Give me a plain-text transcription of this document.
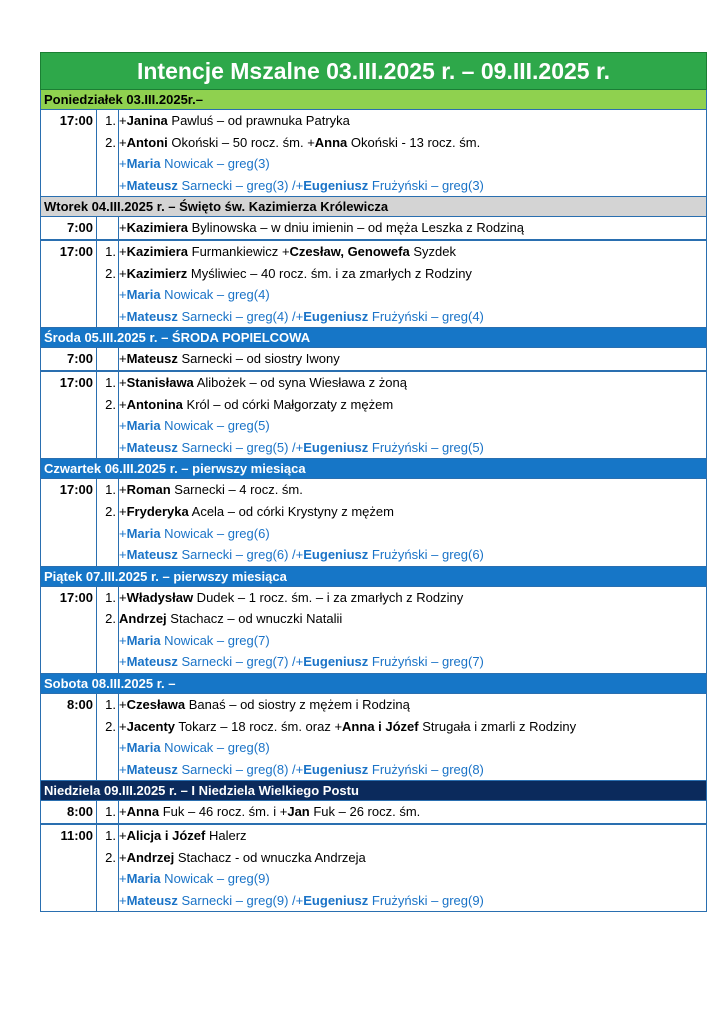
Intencje Mszalne 03.III.2025 r. – 09.III.2025 r.
Poniedziałek 03.III.2025r.–
17:00 1.
2.
+Janina Pawluś – od prawnuka Patryka
+Antoni Okoński – 50 rocz. śm. +Anna Okoński - 13 rocz. śm.
+Maria Nowicak – greg(3)
+Mateusz Sarnecki – greg(3) /+Eugeniusz Frużyński – greg(3)
Wtorek 04.III.2025 r. – Święto św. Kazimierza Królewicza
7:00 +Kazimiera Bylinowska – w dniu imienin – od męża Leszka z Rodziną
17:00 1.
2.
+Kazimiera Furmankiewicz +Czesław, Genowefa Syzdek
+Kazimierz Myśliwiec – 40 rocz. śm. i za zmarłych z Rodziny
+Maria Nowicak – greg(4)
+Mateusz Sarnecki – greg(4) /+Eugeniusz Frużyński – greg(4)
Środa 05.III.2025 r. – ŚRODA POPIELCOWA
7:00 +Mateusz Sarnecki – od siostry Iwony
17:00 1.
2.
+Stanisława Alibożek – od syna Wiesława z żoną
+Antonina Król – od córki Małgorzaty z mężem
+Maria Nowicak – greg(5)
+Mateusz Sarnecki – greg(5) /+Eugeniusz Frużyński – greg(5)
Czwartek 06.III.2025 r. – pierwszy miesiąca
17:00 1.
2.
+Roman Sarnecki – 4 rocz. śm.
+Fryderyka Acela – od córki Krystyny z mężem
+Maria Nowicak – greg(6)
+Mateusz Sarnecki – greg(6) /+Eugeniusz Frużyński – greg(6)
Piątek 07.III.2025 r. – pierwszy miesiąca
17:00 1.
2.
+Władysław Dudek – 1 rocz. śm. – i za zmarłych z Rodziny
Andrzej Stachacz – od wnuczki Natalii
+Maria Nowicak – greg(7)
+Mateusz Sarnecki – greg(7) /+Eugeniusz Frużyński – greg(7)
Sobota 08.III.2025 r. –
8:00 1.
2.
+Czesława Banaś – od siostry z mężem i Rodziną
+Jacenty Tokarz – 18 rocz. śm. oraz +Anna i Józef Strugała i zmarli z Rodziny
+Maria Nowicak – greg(8)
+Mateusz Sarnecki – greg(8) /+Eugeniusz Frużyński – greg(8)
Niedziela 09.III.2025 r. – I Niedziela Wielkiego Postu
8:00 1. +Anna Fuk – 46 rocz. śm. i +Jan Fuk – 26 rocz. śm.
11:00 1.
2.
+Alicja i Józef Halerz
+Andrzej Stachacz - od wnuczka Andrzeja
+Maria Nowicak – greg(9)
+Mateusz Sarnecki – greg(9) /+Eugeniusz Frużyński – greg(9)
